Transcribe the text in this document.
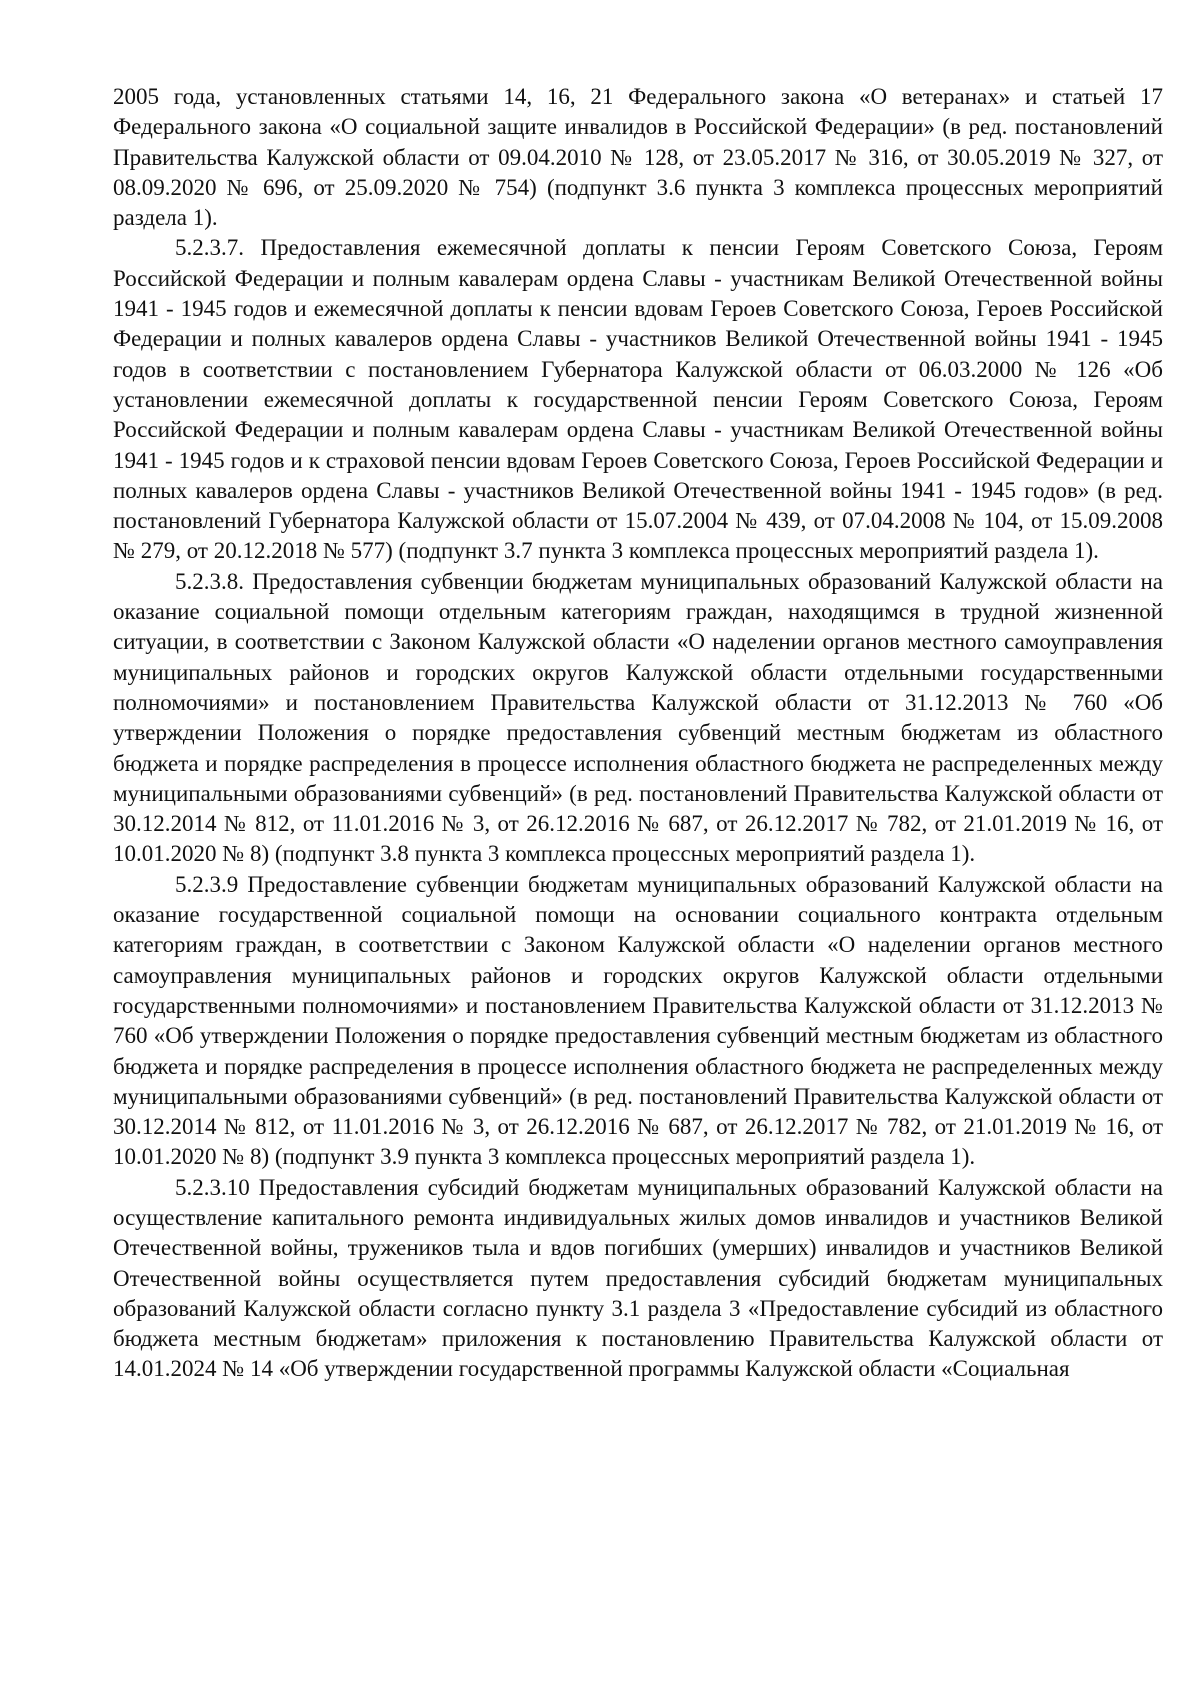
2005 года, установленных статьями 14, 16, 21 Федерального закона «О ветеранах» и статьей 17 Федерального закона «О социальной защите инвалидов в Российской Федерации» (в ред. постановлений Правительства Калужской области от 09.04.2010 № 128, от 23.05.2017 № 316, от 30.05.2019 № 327, от 08.09.2020 № 696, от 25.09.2020 № 754) (подпункт 3.6 пункта 3 комплекса процессных мероприятий раздела 1).

5.2.3.7. Предоставления ежемесячной доплаты к пенсии Героям Советского Союза, Героям Российской Федерации и полным кавалерам ордена Славы - участникам Великой Отечественной войны 1941 - 1945 годов и ежемесячной доплаты к пенсии вдовам Героев Советского Союза, Героев Российской Федерации и полных кавалеров ордена Славы - участников Великой Отечественной войны 1941 - 1945 годов в соответствии с постановлением Губернатора Калужской области от 06.03.2000 № 126 «Об установлении ежемесячной доплаты к государственной пенсии Героям Советского Союза, Героям Российской Федерации и полным кавалерам ордена Славы - участникам Великой Отечественной войны 1941 - 1945 годов и к страховой пенсии вдовам Героев Советского Союза, Героев Российской Федерации и полных кавалеров ордена Славы - участников Великой Отечественной войны 1941 - 1945 годов» (в ред. постановлений Губернатора Калужской области от 15.07.2004 № 439, от 07.04.2008 № 104, от 15.09.2008 № 279, от 20.12.2018 № 577) (подпункт 3.7 пункта 3 комплекса процессных мероприятий раздела 1).

5.2.3.8. Предоставления субвенции бюджетам муниципальных образований Калужской области на оказание социальной помощи отдельным категориям граждан, находящимся в трудной жизненной ситуации, в соответствии с Законом Калужской области «О наделении органов местного самоуправления муниципальных районов и городских округов Калужской области отдельными государственными полномочиями» и постановлением Правительства Калужской области от 31.12.2013 № 760 «Об утверждении Положения о порядке предоставления субвенций местным бюджетам из областного бюджета и порядке распределения в процессе исполнения областного бюджета не распределенных между муниципальными образованиями субвенций» (в ред. постановлений Правительства Калужской области от 30.12.2014 № 812, от 11.01.2016 № 3, от 26.12.2016 № 687, от 26.12.2017 № 782, от 21.01.2019 № 16, от 10.01.2020 № 8) (подпункт 3.8 пункта 3 комплекса процессных мероприятий раздела 1).

5.2.3.9 Предоставление субвенции бюджетам муниципальных образований Калужской области на оказание государственной социальной помощи на основании социального контракта отдельным категориям граждан, в соответствии с Законом Калужской области «О наделении органов местного самоуправления муниципальных районов и городских округов Калужской области отдельными государственными полномочиями» и постановлением Правительства Калужской области от 31.12.2013 № 760 «Об утверждении Положения о порядке предоставления субвенций местным бюджетам из областного бюджета и порядке распределения в процессе исполнения областного бюджета не распределенных между муниципальными образованиями субвенций» (в ред. постановлений Правительства Калужской области от 30.12.2014 № 812, от 11.01.2016 № 3, от 26.12.2016 № 687, от 26.12.2017 № 782, от 21.01.2019 № 16, от 10.01.2020 № 8) (подпункт 3.9 пункта 3 комплекса процессных мероприятий раздела 1).

5.2.3.10 Предоставления субсидий бюджетам муниципальных образований Калужской области на осуществление капитального ремонта индивидуальных жилых домов инвалидов и участников Великой Отечественной войны, тружеников тыла и вдов погибших (умерших) инвалидов и участников Великой Отечественной войны осуществляется путем предоставления субсидий бюджетам муниципальных образований Калужской области согласно пункту 3.1 раздела 3 «Предоставление субсидий из областного бюджета местным бюджетам» приложения к постановлению Правительства Калужской области от 14.01.2024 № 14 «Об утверждении государственной программы Калужской области «Социальная
